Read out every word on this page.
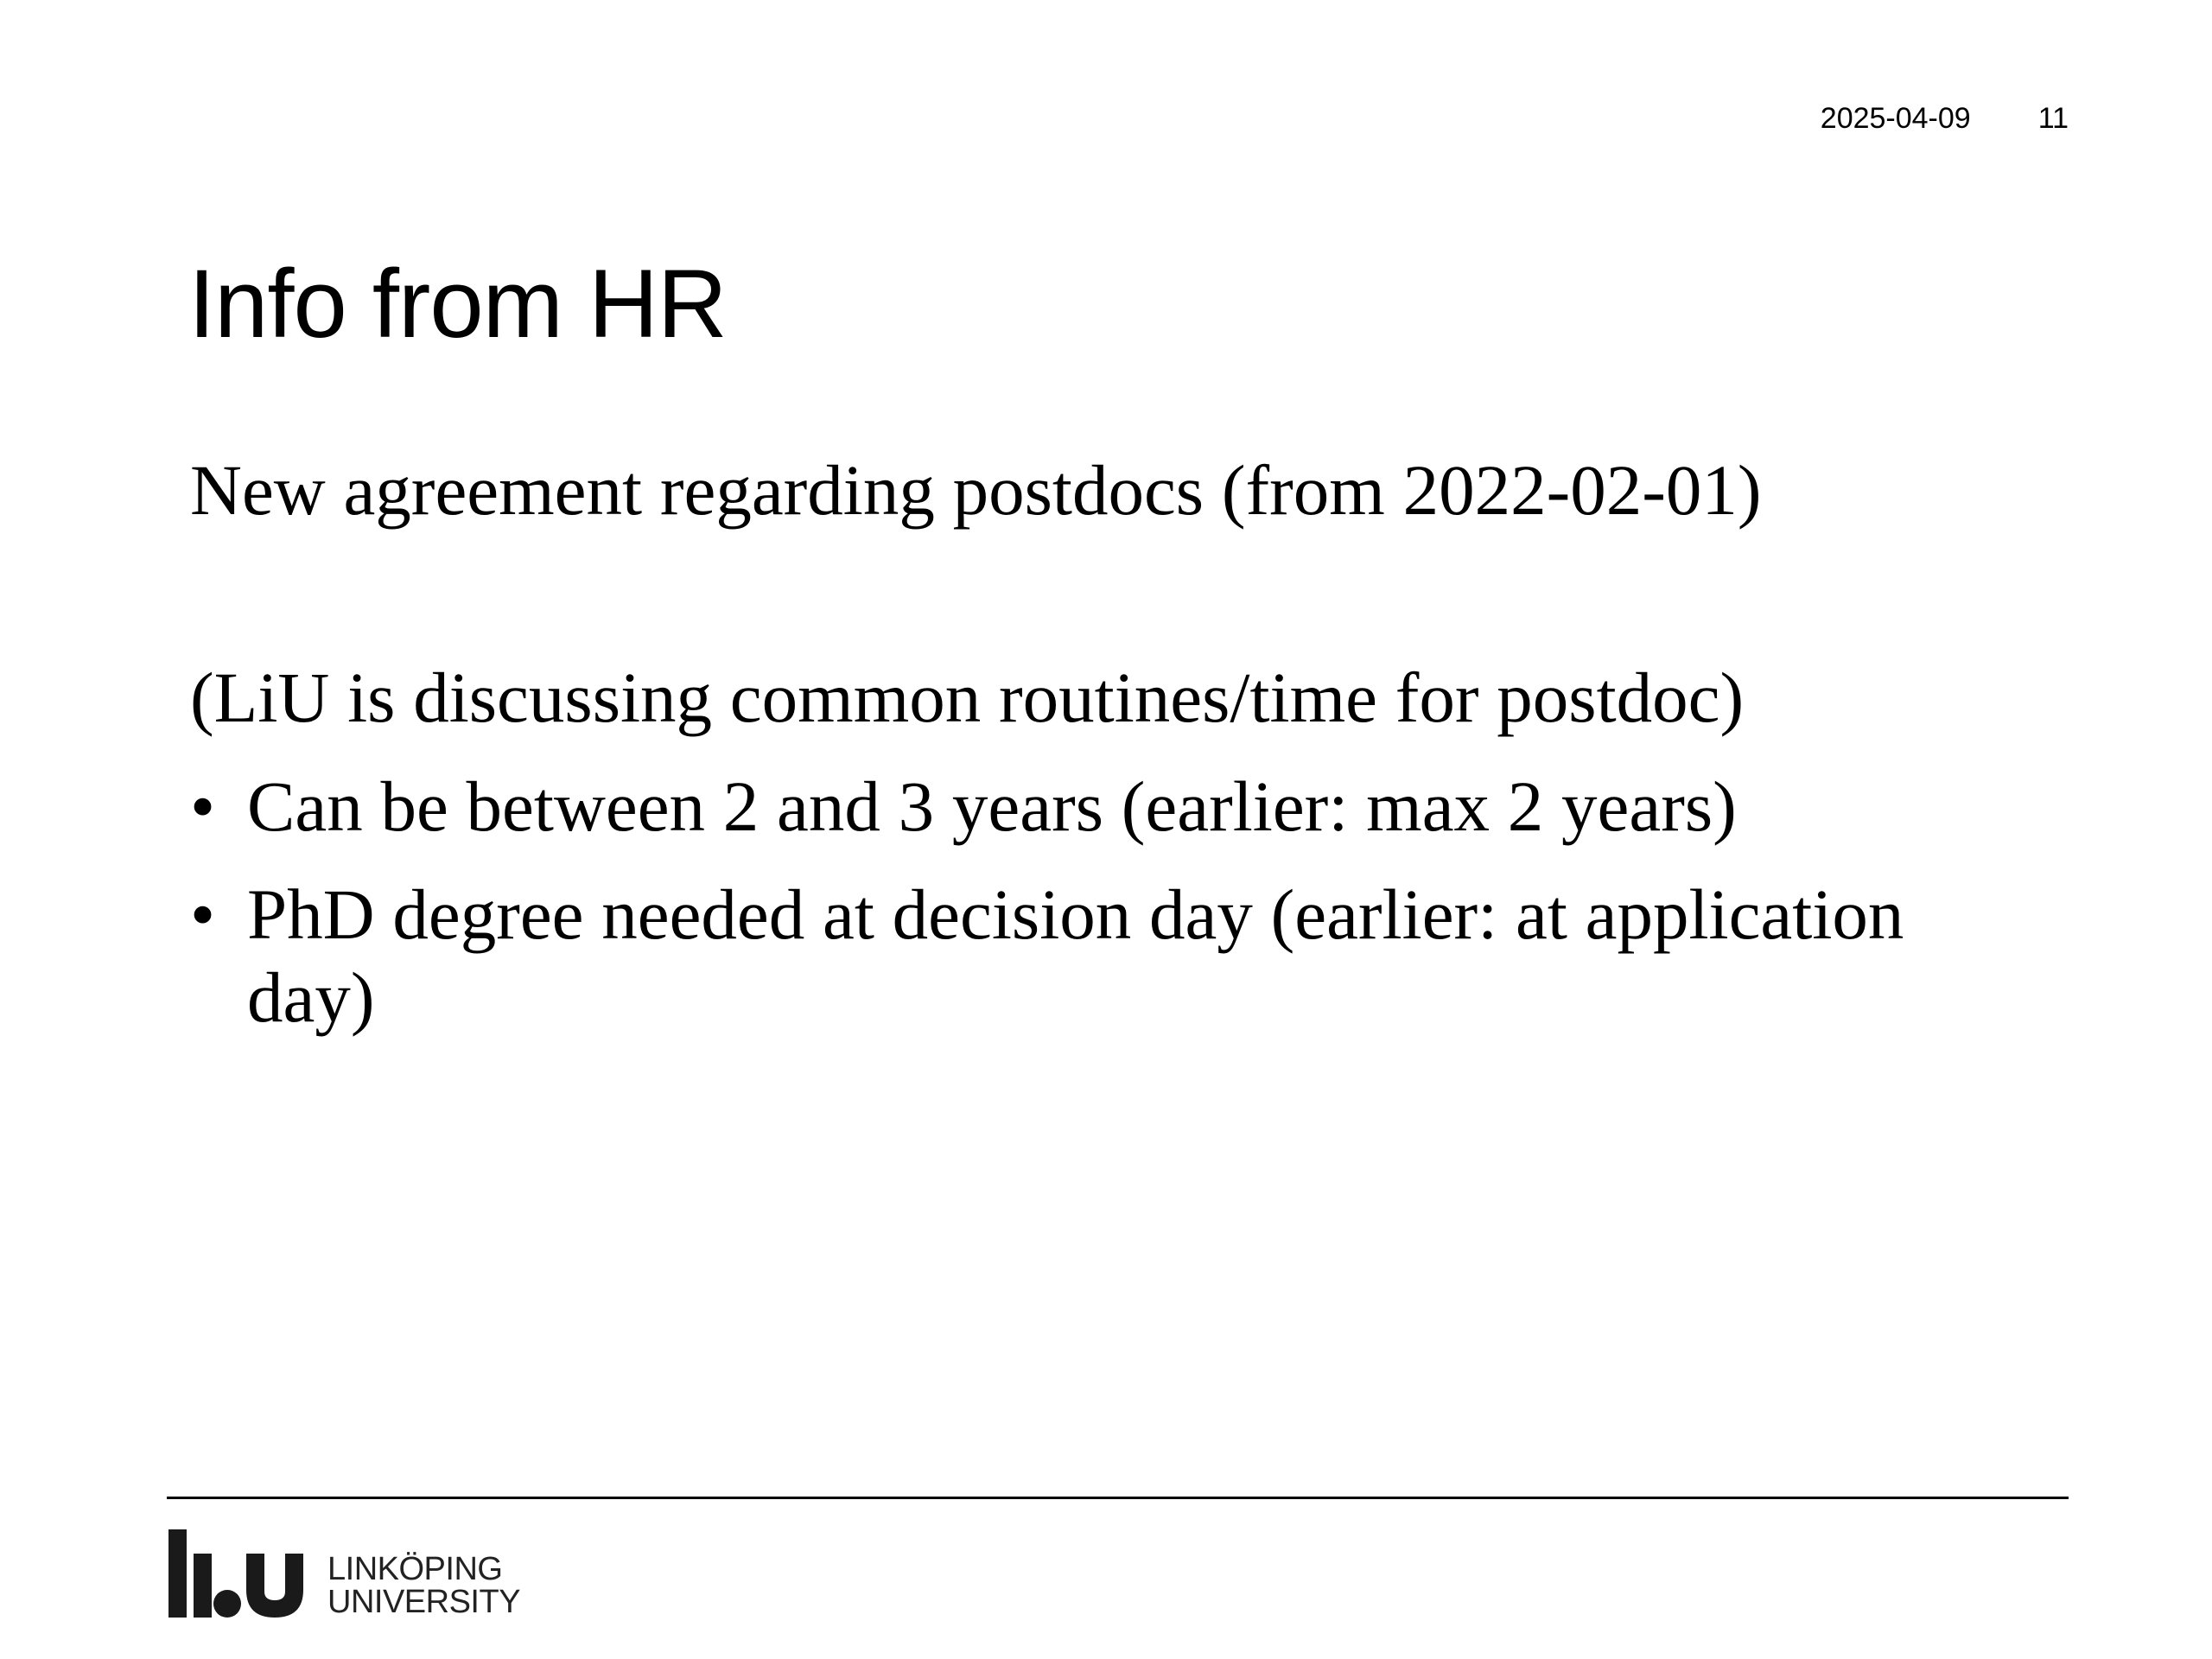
2025-04-09 11
Info from HR

New agreement regarding postdocs (from 2022-02-01)

(LiU is discussing common routines/time for postdoc)

• Can be between 2 and 3 years (earlier: max 2 years)
• PhD degree needed at decision day (earlier: at application day)
LINKÖPING
UNIVERSITY
